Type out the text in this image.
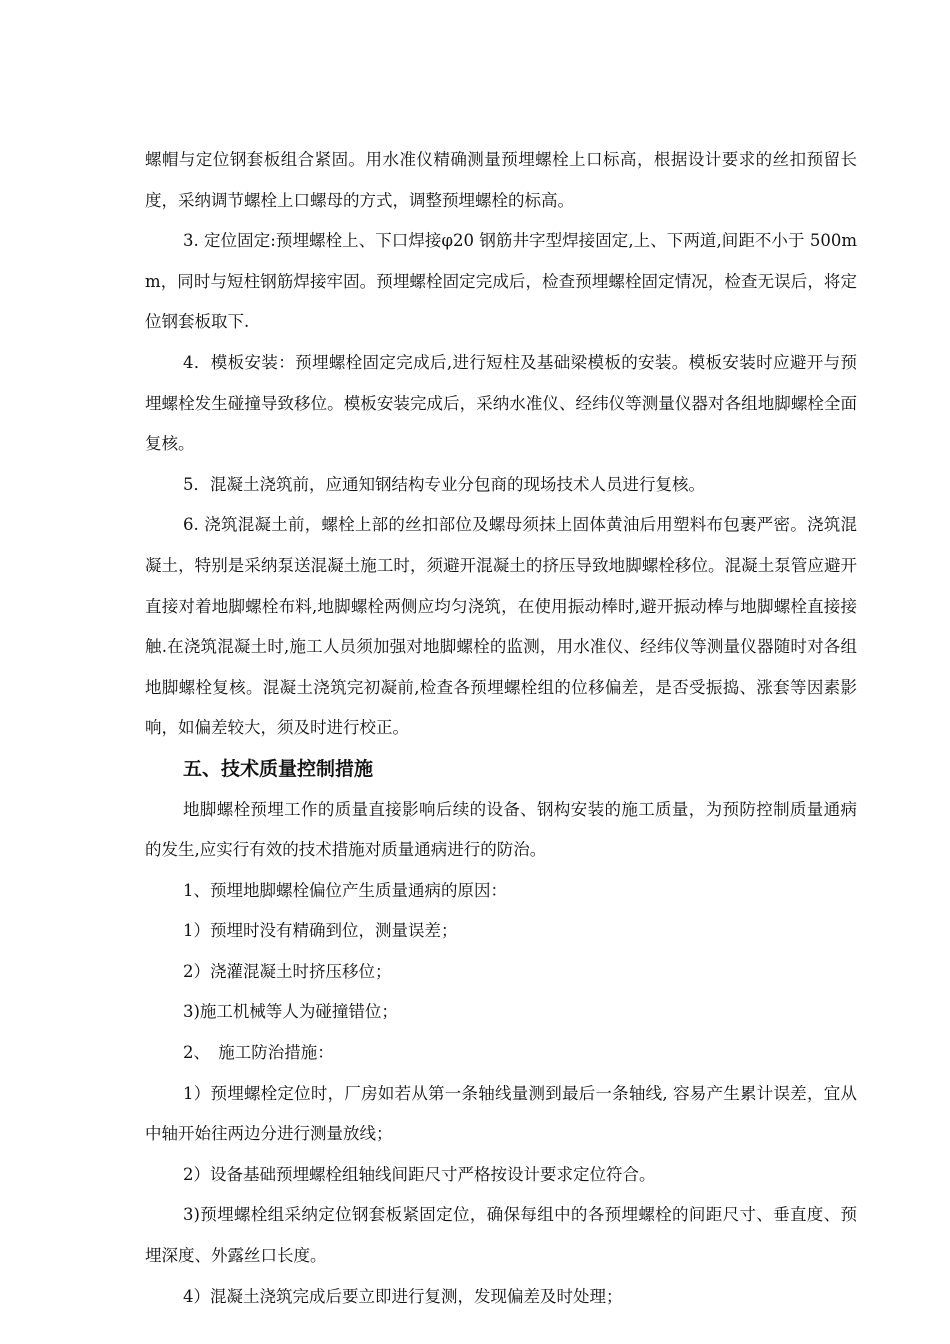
螺帽与定位钢套板组合紧固。用水准仪精确测量预埋螺栓上口标高，根据设计要求的丝扣预留长度，采纳调节螺栓上口螺母的方式，调整预埋螺栓的标高。

3. 定位固定:预埋螺栓上、下口焊接φ20 钢筋井字型焊接固定,上、下两道,间距不小于 500mm，同时与短柱钢筋焊接牢固。预埋螺栓固定完成后，检查预埋螺栓固定情况，检查无误后，将定位钢套板取下.

4．模板安装：预埋螺栓固定完成后,进行短柱及基础梁模板的安装。模板安装时应避开与预埋螺栓发生碰撞导致移位。模板安装完成后，采纳水准仪、经纬仪等测量仪器对各组地脚螺栓全面复核。

5．混凝土浇筑前，应通知钢结构专业分包商的现场技术人员进行复核。

6. 浇筑混凝土前，螺栓上部的丝扣部位及螺母须抹上固体黄油后用塑料布包裹严密。浇筑混凝土，特别是采纳泵送混凝土施工时，须避开混凝土的挤压导致地脚螺栓移位。混凝土泵管应避开直接对着地脚螺栓布料,地脚螺栓两侧应均匀浇筑，在使用振动棒时,避开振动棒与地脚螺栓直接接触.在浇筑混凝土时,施工人员须加强对地脚螺栓的监测，用水准仪、经纬仪等测量仪器随时对各组地脚螺栓复核。混凝土浇筑完初凝前,检查各预埋螺栓组的位移偏差，是否受振捣、涨套等因素影响，如偏差较大，须及时进行校正。

五、技术质量控制措施

地脚螺栓预埋工作的质量直接影响后续的设备、钢构安装的施工质量，为预防控制质量通病的发生,应实行有效的技术措施对质量通病进行的防治。

1、预埋地脚螺栓偏位产生质量通病的原因：

1）预埋时没有精确到位，测量误差；

2）浇灌混凝土时挤压移位；

3)施工机械等人为碰撞错位；

2、　施工防治措施：

1）预埋螺栓定位时，厂房如若从第一条轴线量测到最后一条轴线, 容易产生累计误差，宜从中轴开始往两边分进行测量放线；

2）设备基础预埋螺栓组轴线间距尺寸严格按设计要求定位符合。

3)预埋螺栓组采纳定位钢套板紧固定位，确保每组中的各预埋螺栓的间距尺寸、垂直度、预埋深度、外露丝口长度。

4）混凝土浇筑完成后要立即进行复测，发现偏差及时处理；
